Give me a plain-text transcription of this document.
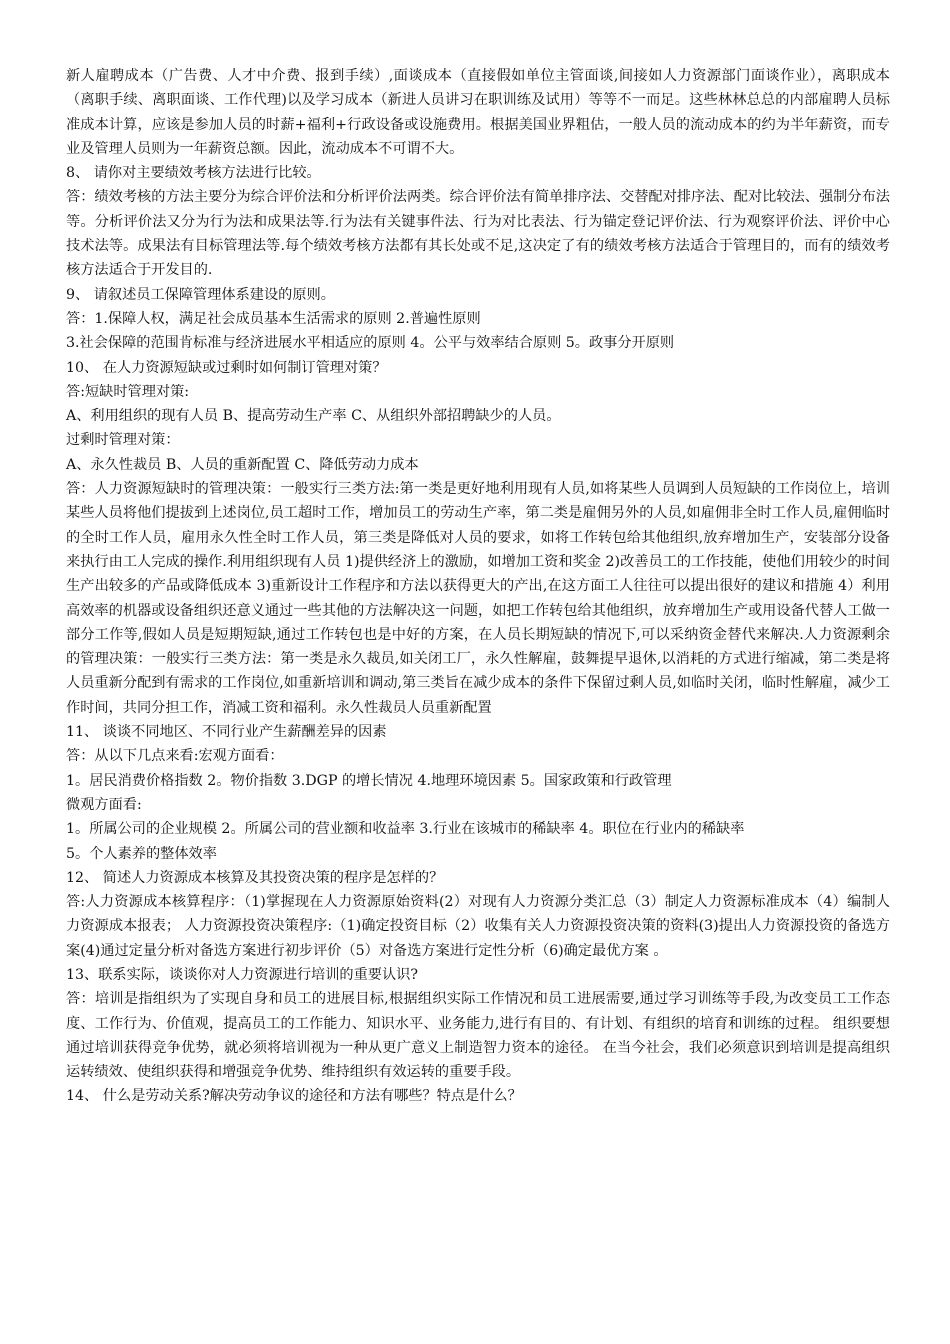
新人雇聘成本（广告费、人才中介费、报到手续）,面谈成本（直接假如单位主管面谈,间接如人力资源部门面谈作业），离职成本（离职手续、离职面谈、工作代理)以及学习成本（新进人员讲习在职训练及试用）等等不一而足。这些林林总总的内部雇聘人员标准成本计算，应该是参加人员的时薪+福利+行政设备或设施费用。根据美国业界粗估，一般人员的流动成本的约为半年薪资，而专业及管理人员则为一年薪资总额。因此，流动成本不可谓不大。

8、 请你对主要绩效考核方法进行比较。

答：绩效考核的方法主要分为综合评价法和分析评价法两类。综合评价法有简单排序法、交替配对排序法、配对比较法、强制分布法等。分析评价法又分为行为法和成果法等.行为法有关键事件法、行为对比表法、行为锚定登记评价法、行为观察评价法、评价中心技术法等。成果法有目标管理法等.每个绩效考核方法都有其长处或不足,这决定了有的绩效考核方法适合于管理目的，而有的绩效考核方法适合于开发目的.

9、 请叙述员工保障管理体系建设的原则。

答：1.保障人权，满足社会成员基本生活需求的原则 2.普遍性原则

3.社会保障的范围肯标准与经济进展水平相适应的原则 4。公平与效率结合原则 5。政事分开原则

10、 在人力资源短缺或过剩时如何制订管理对策？

答:短缺时管理对策:

A、利用组织的现有人员 B、提高劳动生产率 C、从组织外部招聘缺少的人员。

过剩时管理对策：

A、永久性裁员 B、人员的重新配置 C、降低劳动力成本

答：人力资源短缺时的管理决策：一般实行三类方法:第一类是更好地利用现有人员,如将某些人员调到人员短缺的工作岗位上，培训某些人员将他们提拔到上述岗位,员工超时工作，增加员工的劳动生产率，第二类是雇佣另外的人员,如雇佣非全时工作人员,雇佣临时的全时工作人员，雇用永久性全时工作人员，第三类是降低对人员的要求，如将工作转包给其他组织,放弃增加生产，安装部分设备来执行由工人完成的操作.利用组织现有人员 1)提供经济上的激励，如增加工资和奖金 2)改善员工的工作技能，使他们用较少的时间生产出较多的产品或降低成本 3)重新设计工作程序和方法以获得更大的产出,在这方面工人往往可以提出很好的建议和措施 4）利用高效率的机器或设备组织还意义通过一些其他的方法解决这一问题，如把工作转包给其他组织，放弃增加生产或用设备代替人工做一部分工作等,假如人员是短期短缺,通过工作转包也是中好的方案，在人员长期短缺的情况下,可以采纳资金替代来解决.人力资源剩余的管理决策：一般实行三类方法：第一类是永久裁员,如关闭工厂，永久性解雇，鼓舞提早退休,以消耗的方式进行缩减，第二类是将人员重新分配到有需求的工作岗位,如重新培训和调动,第三类旨在减少成本的条件下保留过剩人员,如临时关闭，临时性解雇，减少工作时间，共同分担工作，消减工资和福利。永久性裁员人员重新配置

11、 谈谈不同地区、不同行业产生薪酬差异的因素

答：从以下几点来看:宏观方面看：

1。居民消费价格指数 2。物价指数 3.DGP 的增长情况 4.地理环境因素 5。国家政策和行政管理

微观方面看:

1。所属公司的企业规模 2。所属公司的营业额和收益率 3.行业在该城市的稀缺率 4。职位在行业内的稀缺率

5。个人素养的整体效率

12、 简述人力资源成本核算及其投资决策的程序是怎样的？

答:人力资源成本核算程序：（1)掌握现在人力资源原始资料(2）对现有人力资源分类汇总（3）制定人力资源标准成本（4）编制人力资源成本报表； 人力资源投资决策程序:（1)确定投资目标（2）收集有关人力资源投资决策的资料(3)提出人力资源投资的备选方案(4)通过定量分析对备选方案进行初步评价（5）对备选方案进行定性分析（6)确定最优方案 。

13、联系实际，谈谈你对人力资源进行培训的重要认识?

答：培训是指组织为了实现自身和员工的进展目标,根据组织实际工作情况和员工进展需要,通过学习训练等手段,为改变员工工作态度、工作行为、价值观，提高员工的工作能力、知识水平、业务能力,进行有目的、有计划、有组织的培育和训练的过程。 组织要想通过培训获得竞争优势，就必须将培训视为一种从更广意义上制造智力资本的途径。 在当今社会，我们必须意识到培训是提高组织运转绩效、使组织获得和增强竞争优势、维持组织有效运转的重要手段。

14、 什么是劳动关系?解决劳动争议的途径和方法有哪些？特点是什么？
